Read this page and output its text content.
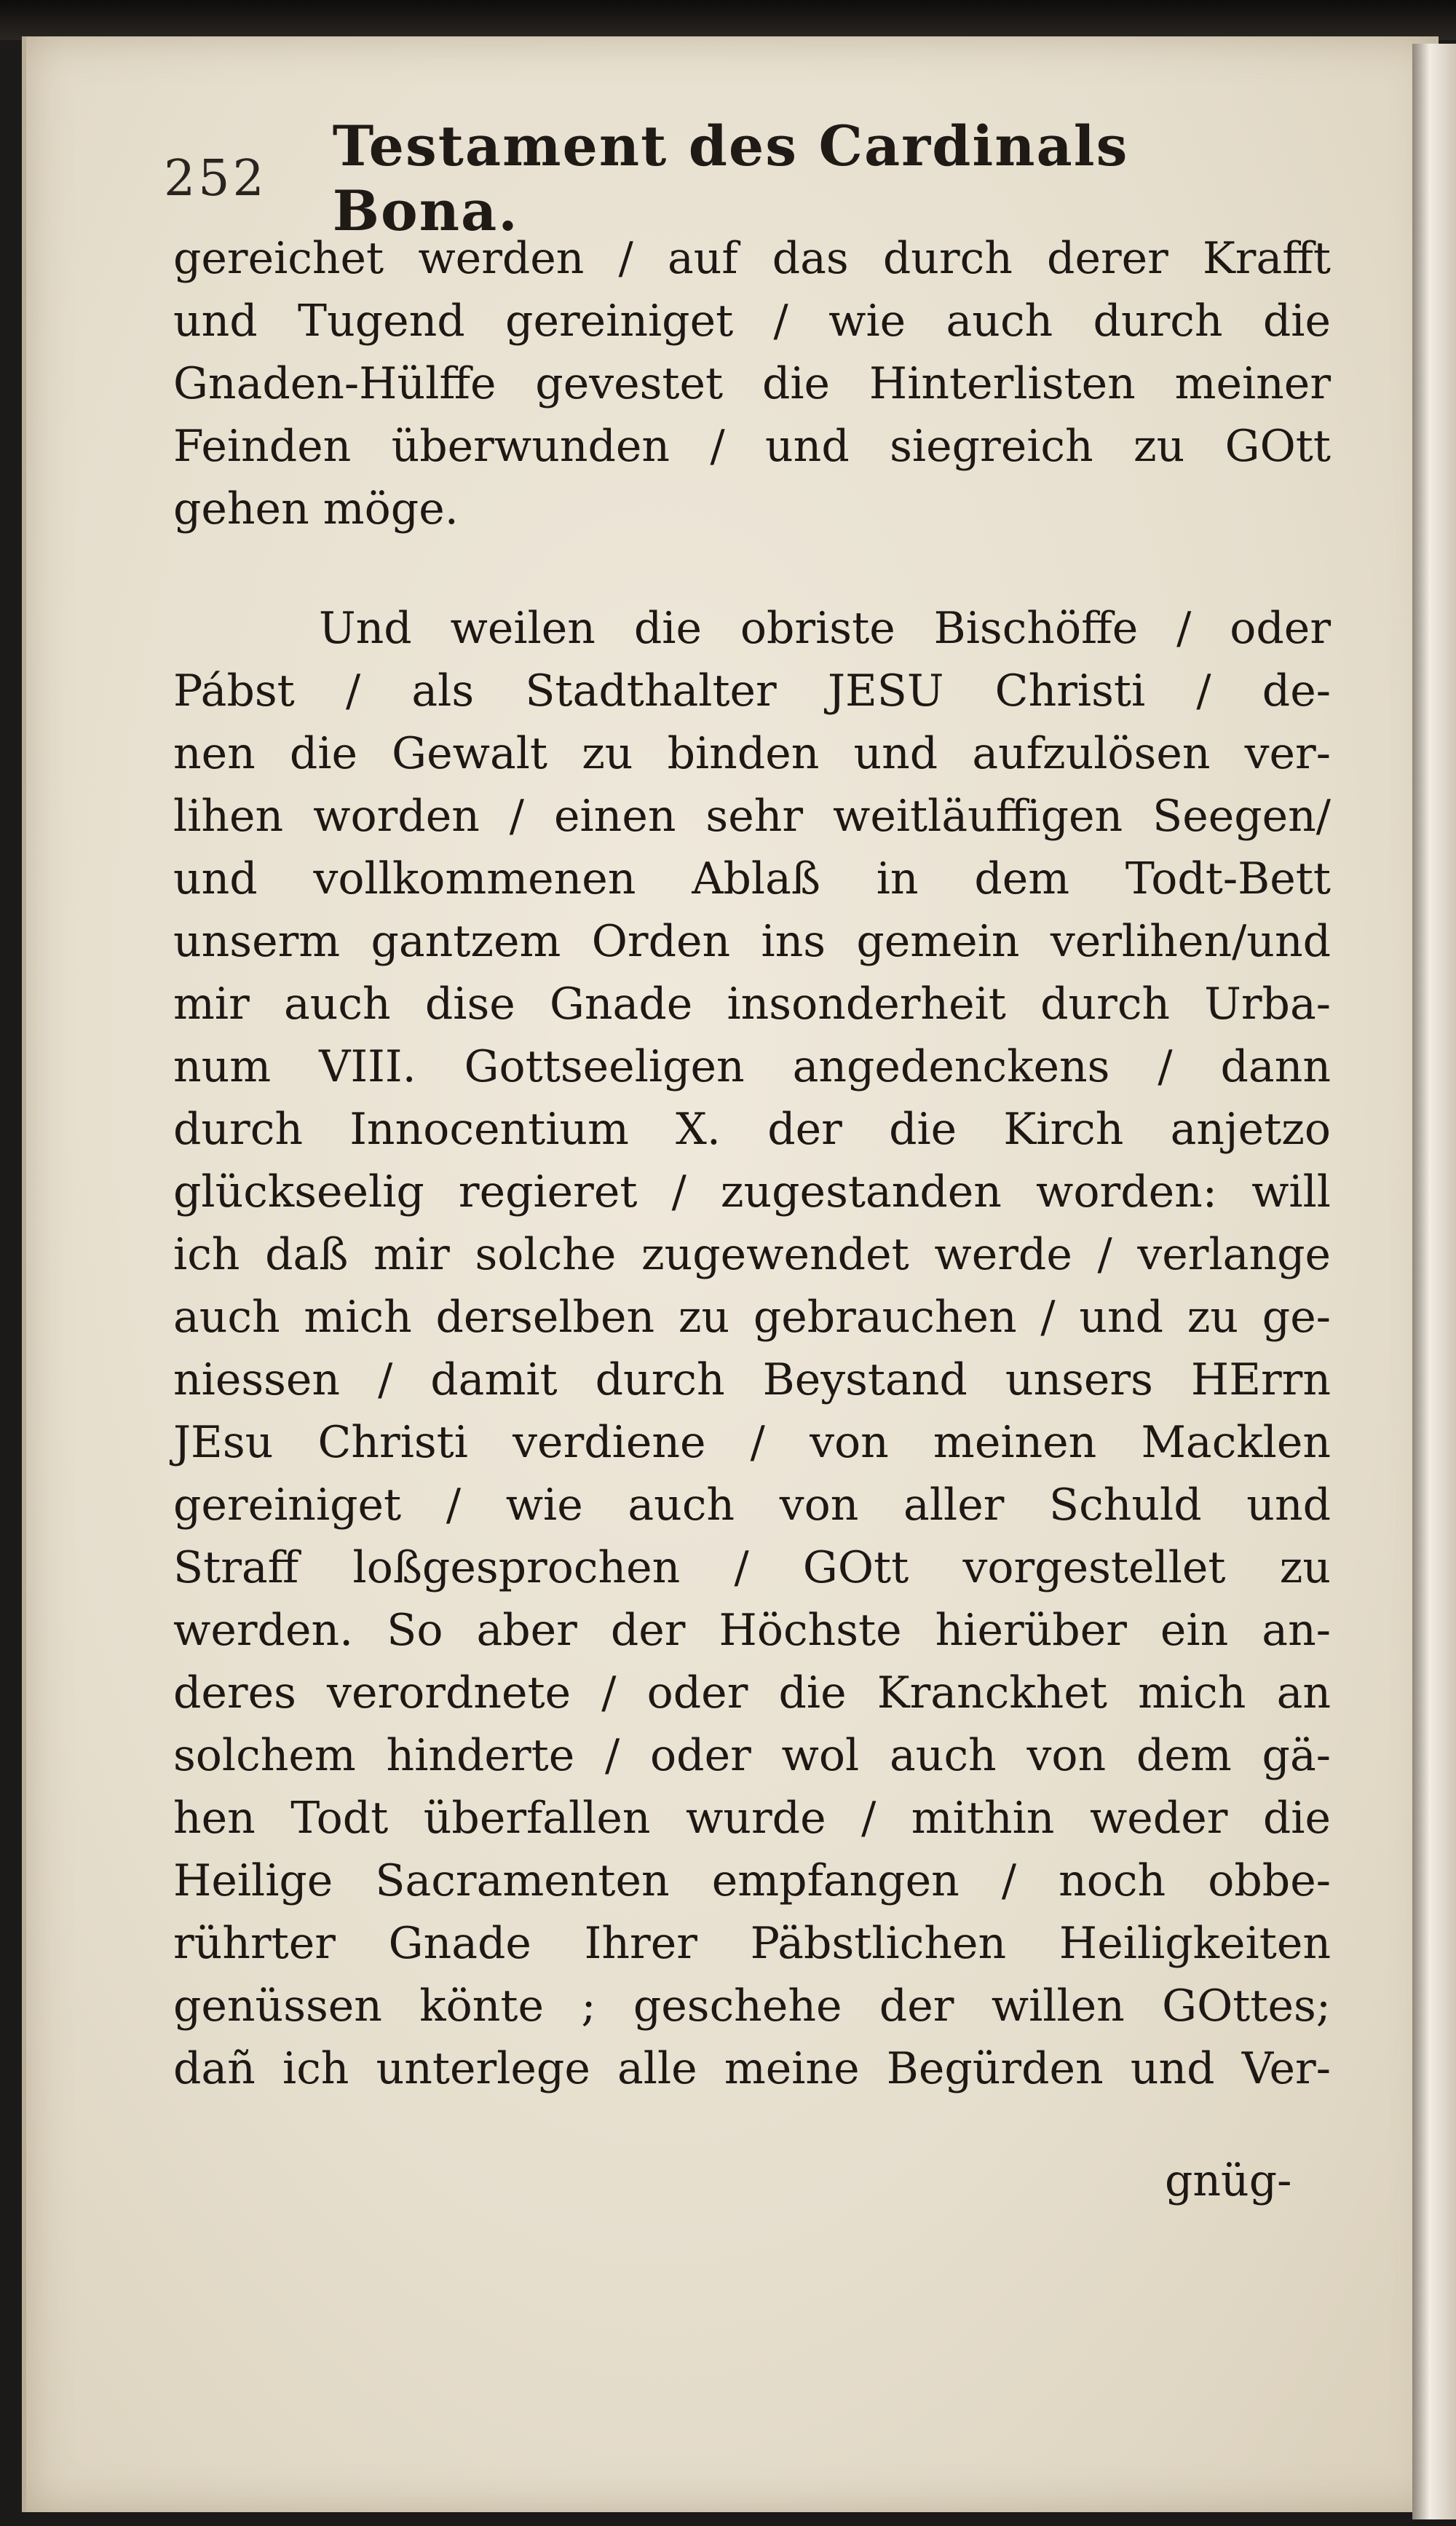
252 Testament des Cardinals Bona.
gereichet werden / auf das durch derer Krafft
und Tugend gereiniget / wie auch durch die
Gnaden-Hülffe gevestet die Hinterlisten meiner
Feinden überwunden / und siegreich zu GOtt
gehen möge.
Und weilen die obriste Bischöffe / oder
Pábst / als Stadthalter JESU Christi / de-
nen die Gewalt zu binden und aufzulösen ver-
lihen worden / einen sehr weitläuffigen Seegen/
und vollkommenen Ablaß in dem Todt-Bett
unserm gantzem Orden ins gemein verlihen/und
mir auch dise Gnade insonderheit durch Urba-
num VIII. Gottseeligen angedenckens / dann
durch Innocentium X. der die Kirch anjetzo
glückseelig regieret / zugestanden worden: will
ich daß mir solche zugewendet werde / verlange
auch mich derselben zu gebrauchen / und zu ge-
niessen / damit durch Beystand unsers HErrn
JEsu Christi verdiene / von meinen Macklen
gereiniget / wie auch von aller Schuld und
Straff loßgesprochen / GOtt vorgestellet zu
werden. So aber der Höchste hierüber ein an-
deres verordnete / oder die Kranckhet mich an
solchem hinderte / oder wol auch von dem gä-
hen Todt überfallen wurde / mithin weder die
Heilige Sacramenten empfangen / noch obbe-
rührter Gnade Ihrer Päbstlichen Heiligkeiten
genüssen könte ; geschehe der willen GOttes;
dañ ich unterlege alle meine Begürden und Ver-
gnüg-
